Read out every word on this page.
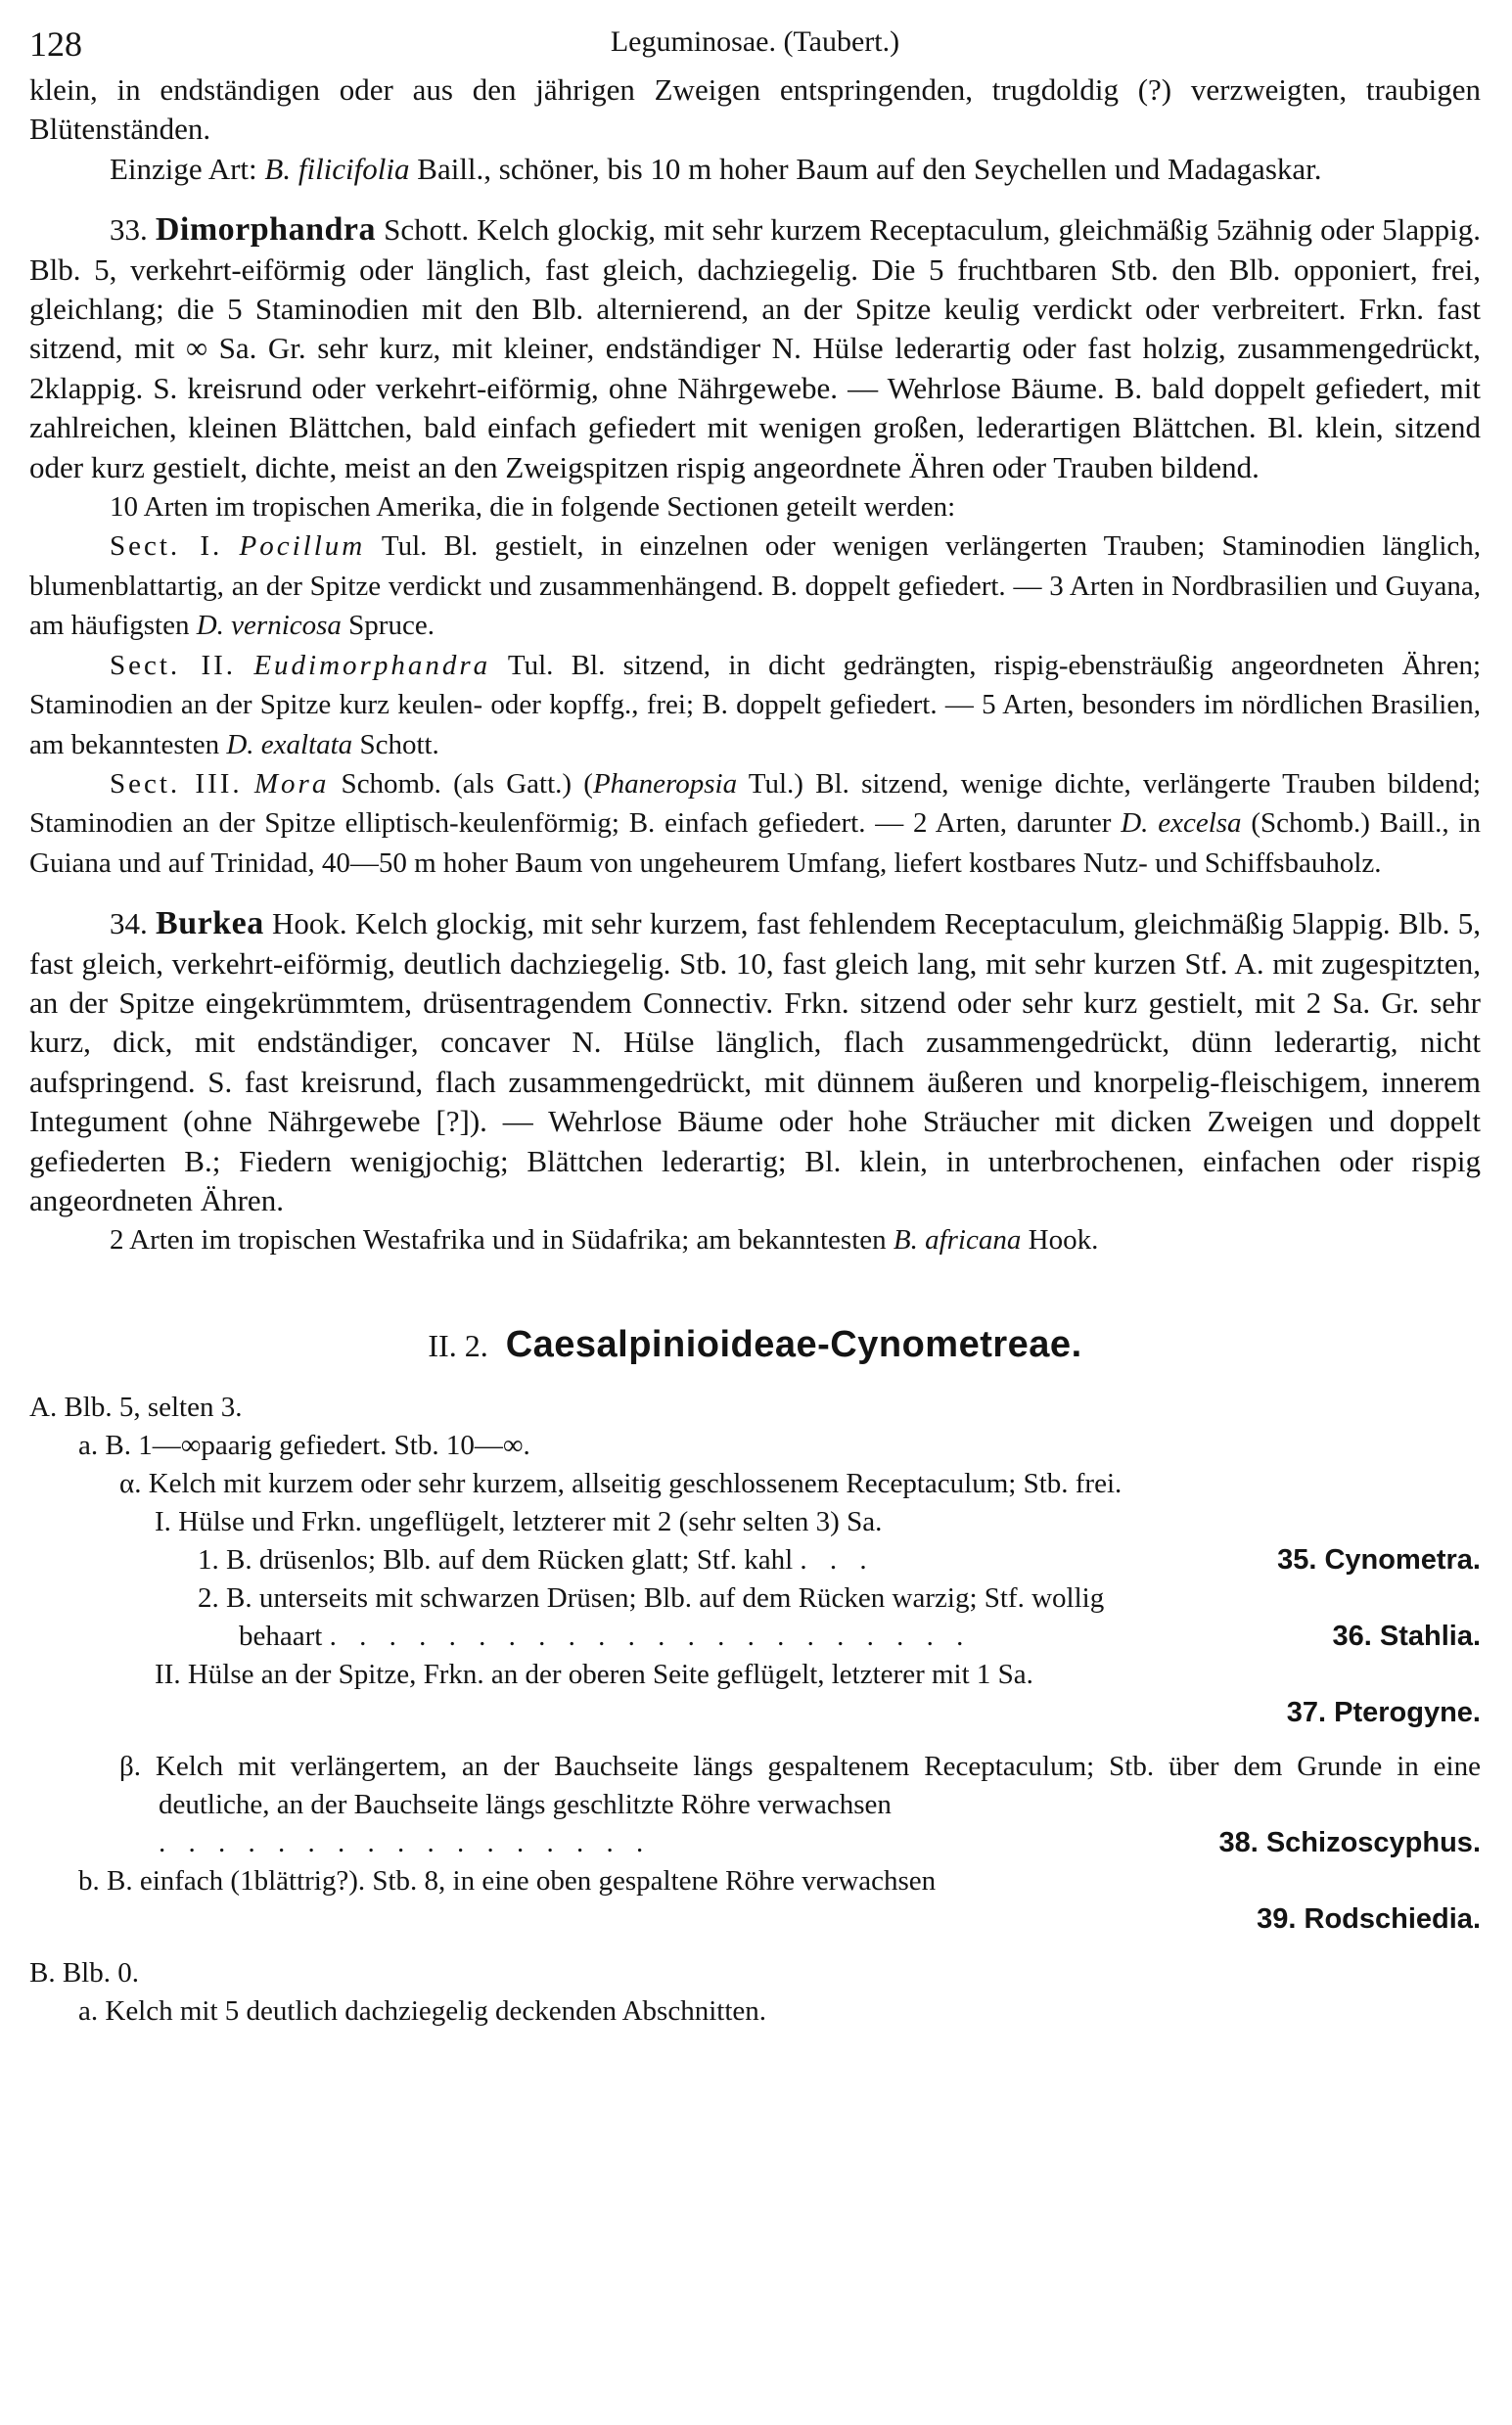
128	Leguminosae. (Taubert.)

klein, in endständigen oder aus den jährigen Zweigen entspringenden, trugdoldig (?) verzweigten, traubigen Blütenständen.

Einzige Art: B. filicifolia Baill., schöner, bis 10 m hoher Baum auf den Seychellen und Madagaskar.

33. Dimorphandra Schott. Kelch glockig, mit sehr kurzem Receptaculum, gleichmäßig 5zähnig oder 5lappig. Blb. 5, verkehrt-eiförmig oder länglich, fast gleich, dachziegelig. Die 5 fruchtbaren Stb. den Blb. opponiert, frei, gleichlang; die 5 Staminodien mit den Blb. alternierend, an der Spitze keulig verdickt oder verbreitert. Frkn. fast sitzend, mit ∞ Sa. Gr. sehr kurz, mit kleiner, endständiger N. Hülse lederartig oder fast holzig, zusammengedrückt, 2klappig. S. kreisrund oder verkehrt-eiförmig, ohne Nährgewebe. — Wehrlose Bäume. B. bald doppelt gefiedert, mit zahlreichen, kleinen Blättchen, bald einfach gefiedert mit wenigen großen, lederartigen Blättchen. Bl. klein, sitzend oder kurz gestielt, dichte, meist an den Zweigspitzen rispig angeordnete Ähren oder Trauben bildend.

10 Arten im tropischen Amerika, die in folgende Sectionen geteilt werden:

Sect. I. Pocillum Tul. Bl. gestielt, in einzelnen oder wenigen verlängerten Trauben; Staminodien länglich, blumenblattartig, an der Spitze verdickt und zusammenhängend. B. doppelt gefiedert. — 3 Arten in Nordbrasilien und Guyana, am häufigsten D. vernicosa Spruce.

Sect. II. Eudimorphandra Tul. Bl. sitzend, in dicht gedrängten, rispig-ebensträußig angeordneten Ähren; Staminodien an der Spitze kurz keulen- oder kopffg., frei; B. doppelt gefiedert. — 5 Arten, besonders im nördlichen Brasilien, am bekanntesten D. exaltata Schott.

Sect. III. Mora Schomb. (als Gatt.) (Phaneropsia Tul.) Bl. sitzend, wenige dichte, verlängerte Trauben bildend; Staminodien an der Spitze elliptisch-keulenförmig; B. einfach gefiedert. — 2 Arten, darunter D. excelsa (Schomb.) Baill., in Guiana und auf Trinidad, 40—50 m hoher Baum von ungeheurem Umfang, liefert kostbares Nutz- und Schiffsbauholz.

34. Burkea Hook. Kelch glockig, mit sehr kurzem, fast fehlendem Receptaculum, gleichmäßig 5lappig. Blb. 5, fast gleich, verkehrt-eiförmig, deutlich dachziegelig. Stb. 10, fast gleich lang, mit sehr kurzen Stf. A. mit zugespitzten, an der Spitze eingekrümmtem, drüsentragendem Connectiv. Frkn. sitzend oder sehr kurz gestielt, mit 2 Sa. Gr. sehr kurz, dick, mit endständiger, concaver N. Hülse länglich, flach zusammengedrückt, dünn lederartig, nicht aufspringend. S. fast kreisrund, flach zusammengedrückt, mit dünnem äußeren und knorpelig-fleischigem, innerem Integument (ohne Nährgewebe [?]). — Wehrlose Bäume oder hohe Sträucher mit dicken Zweigen und doppelt gefiederten B.; Fiedern wenigjochig; Blättchen lederartig; Bl. klein, in unterbrochenen, einfachen oder rispig angeordneten Ähren.

2 Arten im tropischen Westafrika und in Südafrika; am bekanntesten B. africana Hook.

II. 2. Caesalpinioideae-Cynometreae.
A. Blb. 5, selten 3.
a. B. 1—∞paarig gefiedert. Stb. 10—∞.
α. Kelch mit kurzem oder sehr kurzem, allseitig geschlossenem Receptaculum; Stb. frei.
I. Hülse und Frkn. ungeflügelt, letzterer mit 2 (sehr selten 3) Sa.
1. B. drüsenlos; Blb. auf dem Rücken glatt; Stf. kahl . . .	35. Cynometra.
2. B. unterseits mit schwarzen Drüsen; Blb. auf dem Rücken warzig; Stf. wollig
behaart . . . . . . . . . . . . . . . . . . . . . .	36. Stahlia.
II. Hülse an der Spitze, Frkn. an der oberen Seite geflügelt, letzterer mit 1 Sa.
37. Pterogyne.
β. Kelch mit verlängertem, an der Bauchseite längs gespaltenem Receptaculum; Stb. über dem Grunde in eine deutliche, an der Bauchseite längs geschlitzte Röhre verwachsen
. . . . . . . . . . . . . . . . .	38. Schizoscyphus.
b. B. einfach (1blättrig?). Stb. 8, in eine oben gespaltene Röhre verwachsen
39. Rodschiedia.
B. Blb. 0.
a. Kelch mit 5 deutlich dachziegelig deckenden Abschnitten.
